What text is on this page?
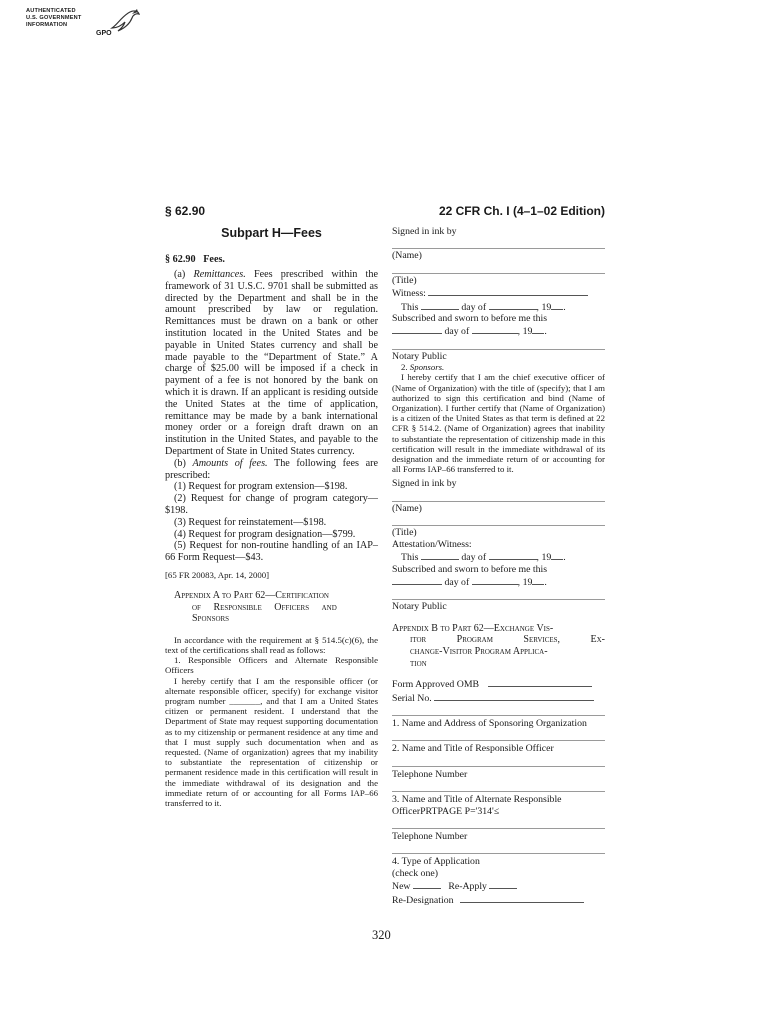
AUTHENTICATED
U.S. GOVERNMENT
INFORMATION
GPO
§ 62.90	22 CFR Ch. I (4–1–02 Edition)
Subpart H—Fees
§ 62.90 Fees.

(a) Remittances. Fees prescribed within the framework of 31 U.S.C. 9701 shall be submitted as directed by the Department and shall be in the amount prescribed by law or regulation. Remittances must be drawn on a bank or other institution located in the United States and be payable in United States currency and shall be made payable to the “Department of State.” A charge of $25.00 will be imposed if a check in payment of a fee is not honored by the bank on which it is drawn. If an applicant is residing outside the United States at the time of application, remittance may be made by a bank international money order or a foreign draft drawn on an institution in the United States, and payable to the Department of State in United States currency.

(b) Amounts of fees. The following fees are prescribed:

(1) Request for program extension—$198.

(2) Request for change of program category—$198.

(3) Request for reinstatement—$198.

(4) Request for program designation—$799.

(5) Request for non-routine handling of an IAP–66 Form Request—$43.

[65 FR 20083, Apr. 14, 2000]
Appendix A to Part 62—Certification
of Responsible Officers and
Sponsors

In accordance with the requirement at § 514.5(c)(6), the text of the certifications shall read as follows:

1. Responsible Officers and Alternate Responsible Officers

I hereby certify that I am the responsible officer (or alternate responsible officer, specify) for exchange visitor program number _______, and that I am a United States citizen or permanent resident. I understand that the Department of State may request supporting documentation as to my citizenship or permanent residence at any time and that I must supply such documentation when and as requested. (Name of organization) agrees that my inability to substantiate the representation of citizenship or permanent residence made in this certification will result in the immediate withdrawal of its designation and the immediate return of or accounting for all Forms IAP–66 transferred to it.

Signed in ink by

(Name)

(Title)

Witness:

This	day of	, 19 .

Subscribed and sworn to before me this

day of	, 19 .

Notary Public

2. Sponsors.

I hereby certify that I am the chief executive officer of (Name of Organization) with the title of (specify); that I am authorized to sign this certification and bind (Name of Organization). I further certify that (Name of Organization) is a citizen of the United States as that term is defined at 22 CFR § 514.2. (Name of Organization) agrees that inability to substantiate the representation of citizenship made in this certification will result in the immediate withdrawal of its designation and the immediate return of or accounting for all Forms IAP–66 transferred to it.

Signed in ink by

(Name)

(Title)

Attestation/Witness:

This	day of	, 19 .

Subscribed and sworn to before me this

day of	, 19 .

Notary Public

Appendix B to Part 62—Exchange Vis-
itor Program Services, Ex-
change-Visitor Program Applica-
tion

Form Approved OMB

Serial No.

1. Name and Address of Sponsoring Organization

2. Name and Title of Responsible Officer

Telephone Number

3. Name and Title of Alternate Responsible OfficerPRTPAGE P='314'≤

Telephone Number

4. Type of Application

(check one)

New	Re-Apply

Re-Designation

320
